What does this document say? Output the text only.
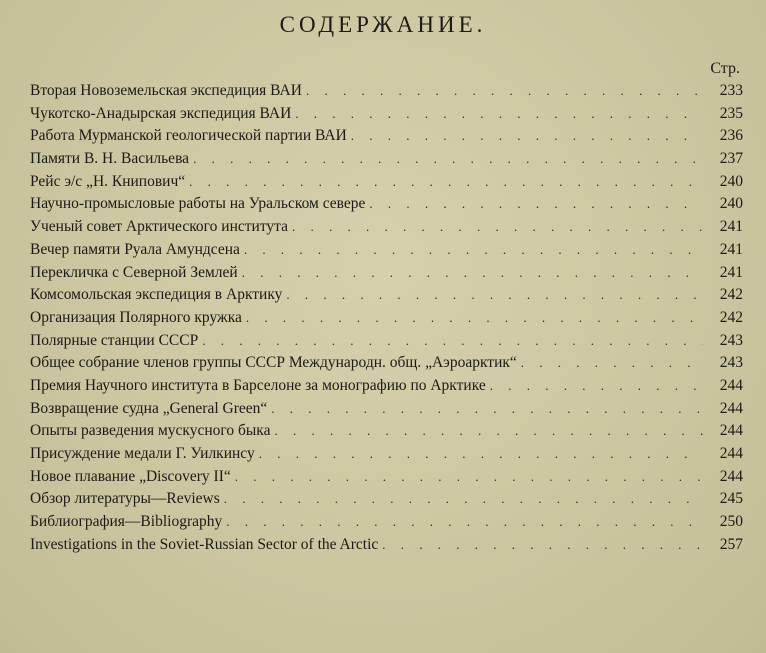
СОДЕРЖАНИЕ.
Стр.
Вторая Новоземельская экспедиция ВАИ . . .	233
Чукотско-Анадырская экспедиция ВАИ . . .	235
Работа Мурманской геологической партии ВАИ . . .	236
Памяти В. Н. Васильева . . .	237
Рейс э/с „Н. Книпович“ . . .	240
Научно-промысловые работы на Уральском севере . . .	240
Ученый совет Арктического института . . .	241
Вечер памяти Руала Амундсена . . .	241
Перекличка с Северной Землей . . .	241
Комсомольская экспедиция в Арктику . . .	242
Организация Полярного кружка . . .	242
Полярные станции СССР . . .	243
Общее собрание членов группы СССР Международн. общ. „Аэроарктик“ . . .	243
Премия Научного института в Барселоне за монографию по Арктике . . .	244
Возвращение судна „General Green“ . . .	244
Опыты разведения мускусного быка . . .	244
Присуждение медали Г. Уилкинсу . . .	244
Новое плавание „Discovery II“ . . .	244
Обзор литературы—Reviews . . .	245
Библиография—Bibliography . . .	250
Investigations in the Soviet-Russian Sector of the Arctic . . .	257
